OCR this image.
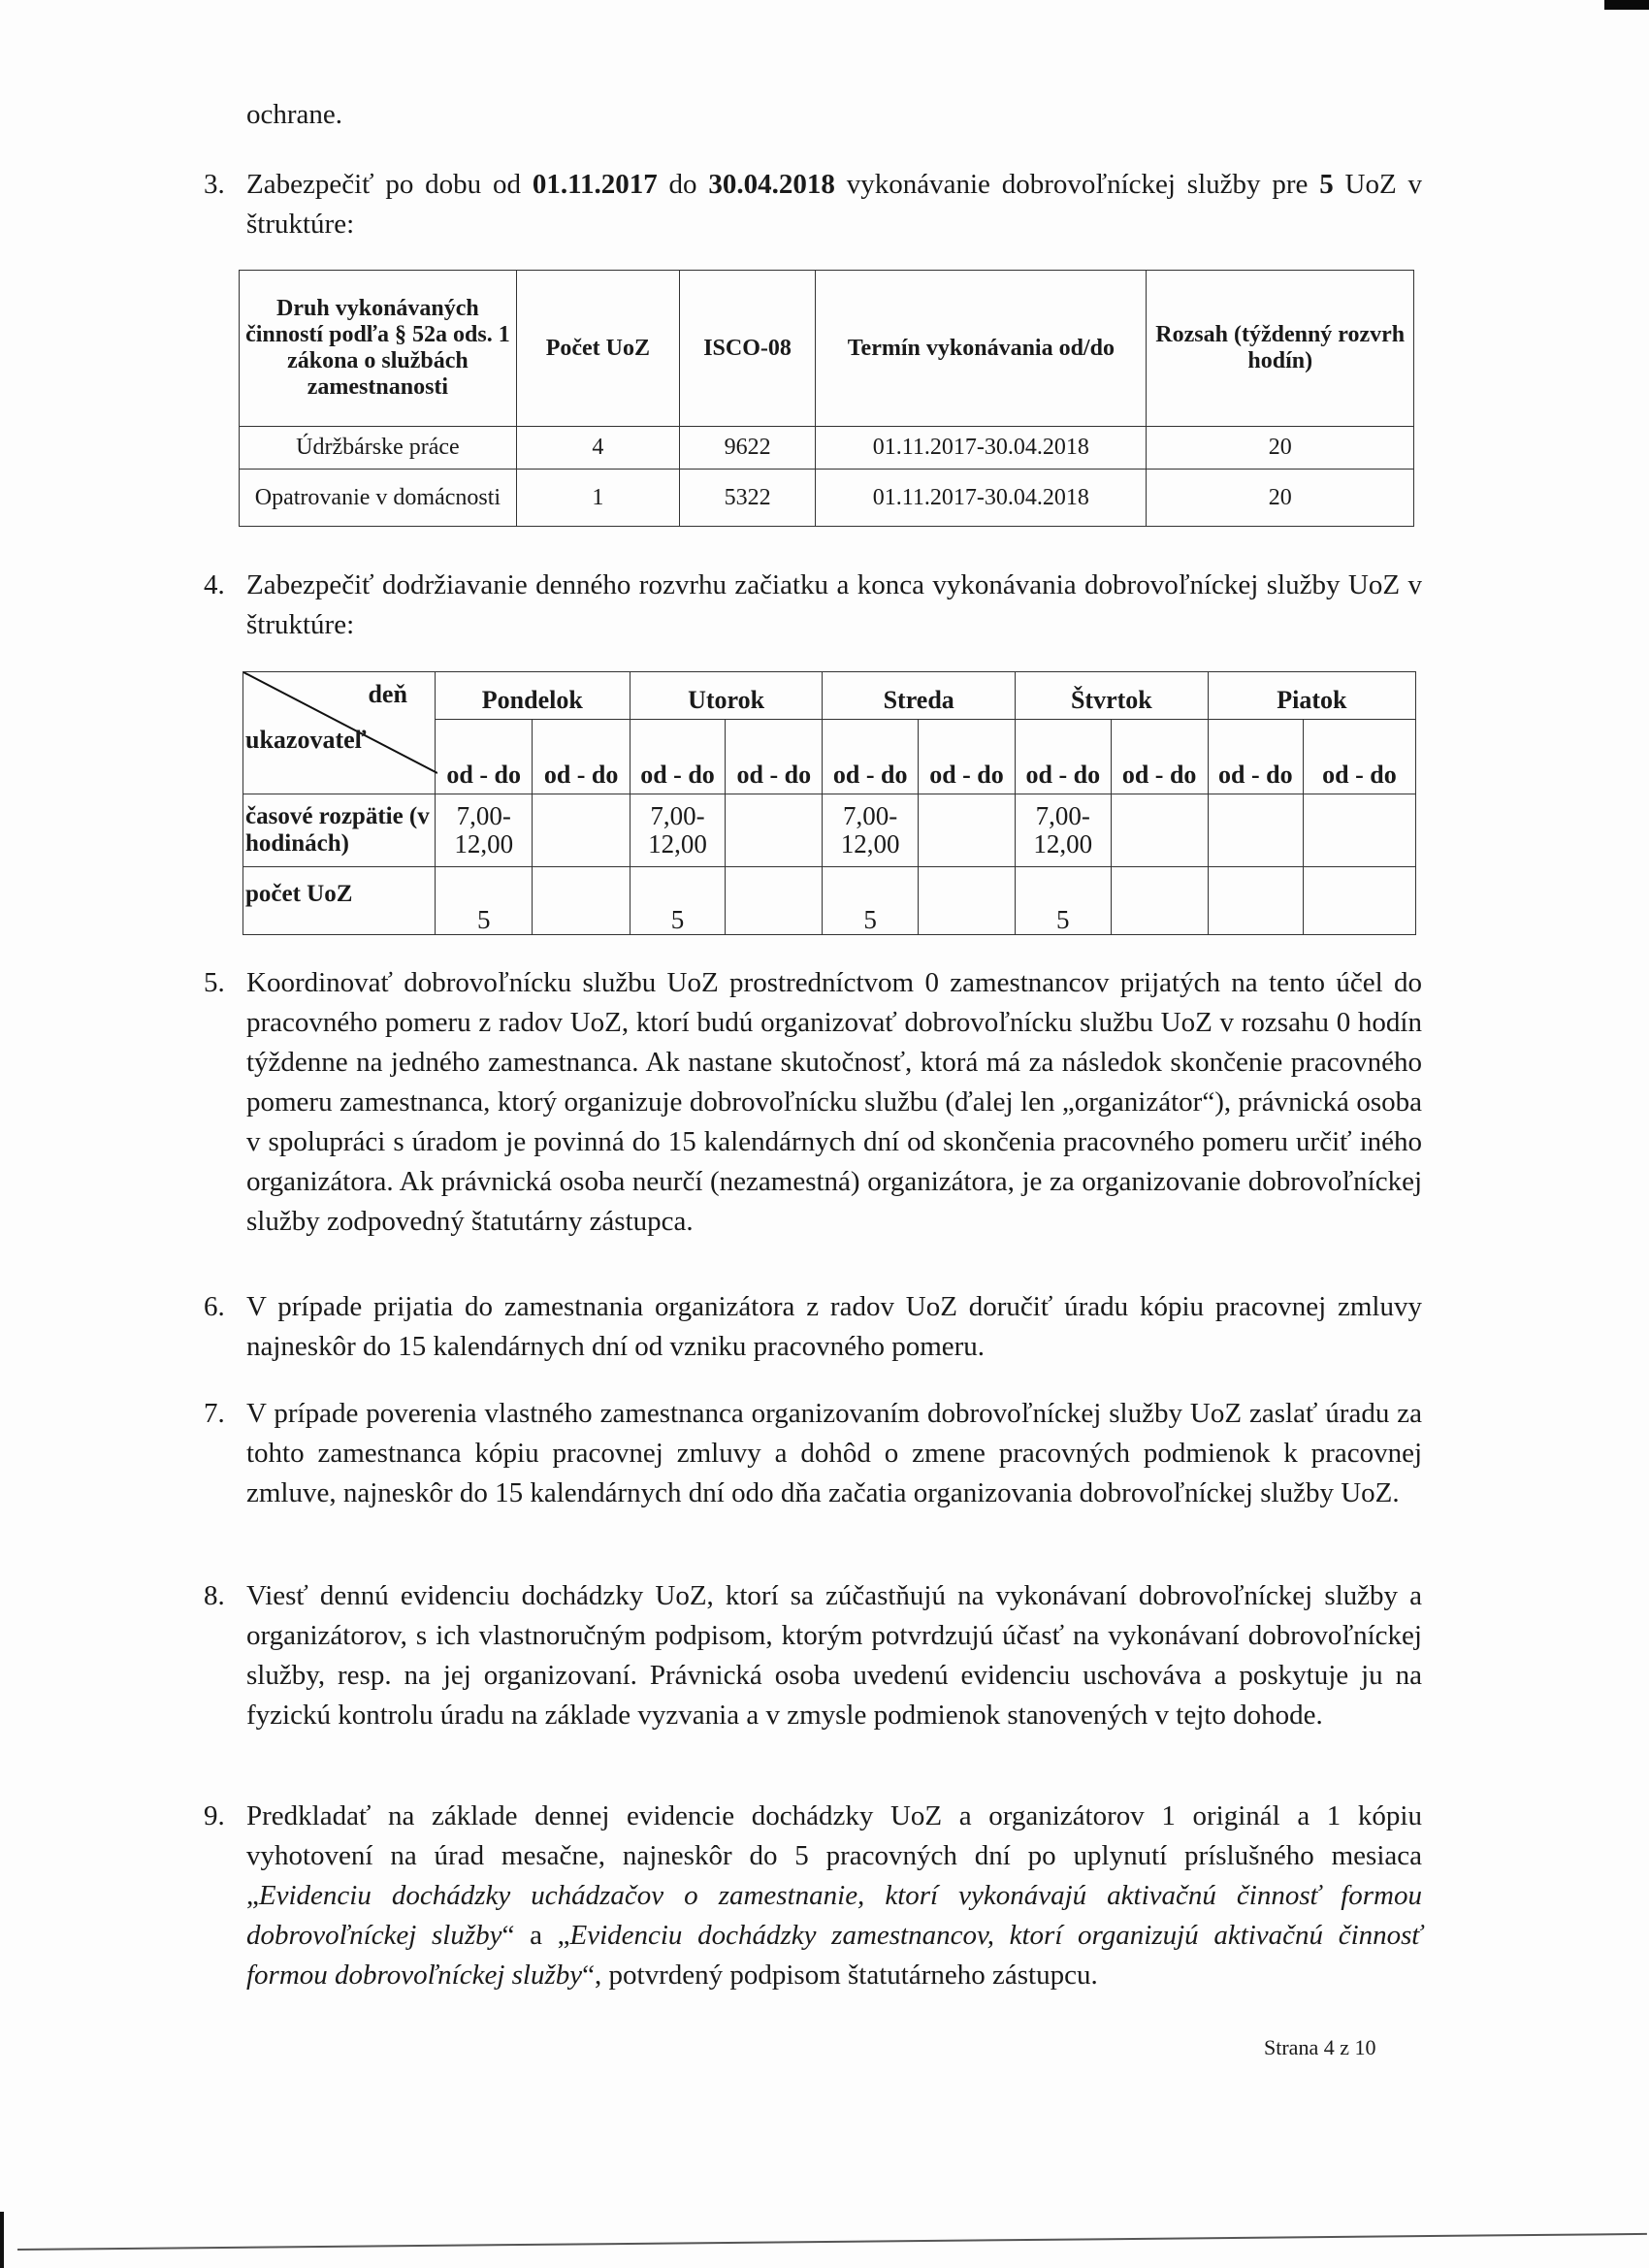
ochrane.
3. Zabezpečiť po dobu od 01.11.2017 do 30.04.2018 vykonávanie dobrovoľníckej služby pre 5 UoZ v štruktúre:
Druh vykonávaných činností podľa § 52a ods. 1 zákona o službách zamestnanosti	Počet UoZ	ISCO-08	Termín vykonávania od/do	Rozsah (týždenný rozvrh hodín)
Údržbárske práce	4	9622	01.11.2017-30.04.2018	20
Opatrovanie v domácnosti	1	5322	01.11.2017-30.04.2018	20
4. Zabezpečiť dodržiavanie denného rozvrhu začiatku a konca vykonávania dobrovoľníckej služby UoZ v štruktúre:
deň
ukazovateľ	Pondelok		Utorok		Streda		Štvrtok		Piatok	
	od - do	od - do	od - do	od - do	od - do	od - do	od - do	od - do	od - do	od - do
časové rozpätie (v hodinách)	7,00- 12,00		7,00- 12,00		7,00- 12,00		7,00- 12,00			
počet UoZ	5		5		5		5			
5. Koordinovať dobrovoľnícku službu UoZ prostredníctvom 0 zamestnancov prijatých na tento účel do pracovného pomeru z radov UoZ, ktorí budú organizovať dobrovoľnícku službu UoZ v rozsahu 0 hodín týždenne na jedného zamestnanca. Ak nastane skutočnosť, ktorá má za následok skončenie pracovného pomeru zamestnanca, ktorý organizuje dobrovoľnícku službu (ďalej len „organizátor“), právnická osoba v spolupráci s úradom je povinná do 15 kalendárnych dní od skončenia pracovného pomeru určiť iného organizátora. Ak právnická osoba neurčí (nezamestná) organizátora, je za organizovanie dobrovoľníckej služby zodpovedný štatutárny zástupca.
6. V prípade prijatia do zamestnania organizátora z radov UoZ doručiť úradu kópiu pracovnej zmluvy najneskôr do 15 kalendárnych dní od vzniku pracovného pomeru.
7. V prípade poverenia vlastného zamestnanca organizovaním dobrovoľníckej služby UoZ zaslať úradu za tohto zamestnanca kópiu pracovnej zmluvy a dohôd o zmene pracovných podmienok k pracovnej zmluve, najneskôr do 15 kalendárnych dní odo dňa začatia organizovania dobrovoľníckej služby UoZ.
8. Viesť dennú evidenciu dochádzky UoZ, ktorí sa zúčastňujú na vykonávaní dobrovoľníckej služby a organizátorov, s ich vlastnoručným podpisom, ktorým potvrdzujú účasť na vykonávaní dobrovoľníckej služby, resp. na jej organizovaní. Právnická osoba uvedenú evidenciu uschováva a poskytuje ju na fyzickú kontrolu úradu na základe vyzvania a v zmysle podmienok stanovených v tejto dohode.
9. Predkladať na základe dennej evidencie dochádzky UoZ a organizátorov 1 originál a 1 kópiu vyhotovení na úrad mesačne, najneskôr do 5 pracovných dní po uplynutí príslušného mesiaca „Evidenciu dochádzky uchádzačov o zamestnanie, ktorí vykonávajú aktivačnú činnosť formou dobrovoľníckej služby“ a „Evidenciu dochádzky zamestnancov, ktorí organizujú aktivačnú činnosť formou dobrovoľníckej služby“, potvrdený podpisom štatutárneho zástupcu.
Strana 4 z 10
